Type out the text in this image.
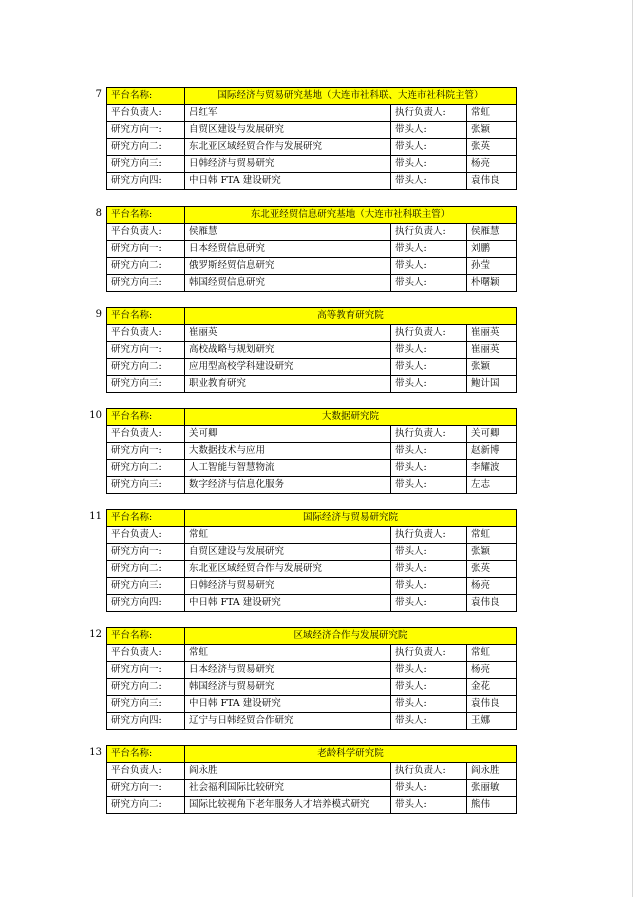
7 平台名称:	国际经济与贸易研究基地（大连市社科联、大连市社科院主管）		
平台负责人:	吕红军	执行负责人:	常虹
研究方向一:	自贸区建设与发展研究	带头人:	张颖
研究方向二:	东北亚区域经贸合作与发展研究	带头人:	张英
研究方向三:	日韩经济与贸易研究	带头人:	杨亮
研究方向四:	中日韩 FTA 建设研究	带头人:	袁伟良
8 平台名称:	东北亚经贸信息研究基地（大连市社科联主管）		
平台负责人:	侯雁慧	执行负责人:	侯雁慧
研究方向一:	日本经贸信息研究	带头人:	刘鹏
研究方向二:	俄罗斯经贸信息研究	带头人:	孙莹
研究方向三:	韩国经贸信息研究	带头人:	朴曙颖
9 平台名称:	高等教育研究院		
平台负责人:	崔丽英	执行负责人:	崔丽英
研究方向一:	高校战略与规划研究	带头人:	崔丽英
研究方向二:	应用型高校学科建设研究	带头人:	张颖
研究方向三:	职业教育研究	带头人:	鲍计国
10 平台名称:	大数据研究院		
平台负责人:	关可卿	执行负责人:	关可卿
研究方向一:	大数据技术与应用	带头人:	赵新博
研究方向二:	人工智能与智慧物流	带头人:	李耀波
研究方向三:	数字经济与信息化服务	带头人:	左志
11 平台名称:	国际经济与贸易研究院		
平台负责人:	常虹	执行负责人:	常虹
研究方向一:	自贸区建设与发展研究	带头人:	张颖
研究方向二:	东北亚区域经贸合作与发展研究	带头人:	张英
研究方向三:	日韩经济与贸易研究	带头人:	杨亮
研究方向四:	中日韩 FTA 建设研究	带头人:	袁伟良
12 平台名称:	区域经济合作与发展研究院		
平台负责人:	常虹	执行负责人:	常虹
研究方向一:	日本经济与贸易研究	带头人:	杨亮
研究方向二:	韩国经济与贸易研究	带头人:	金花
研究方向三:	中日韩 FTA 建设研究	带头人:	袁伟良
研究方向四:	辽宁与日韩经贸合作研究	带头人:	王娜
13 平台名称:	老龄科学研究院		
平台负责人:	阎永胜	执行负责人:	阎永胜
研究方向一:	社会福利国际比较研究	带头人:	张丽敏
研究方向二:	国际比较视角下老年服务人才培养模式研究	带头人:	熊伟
